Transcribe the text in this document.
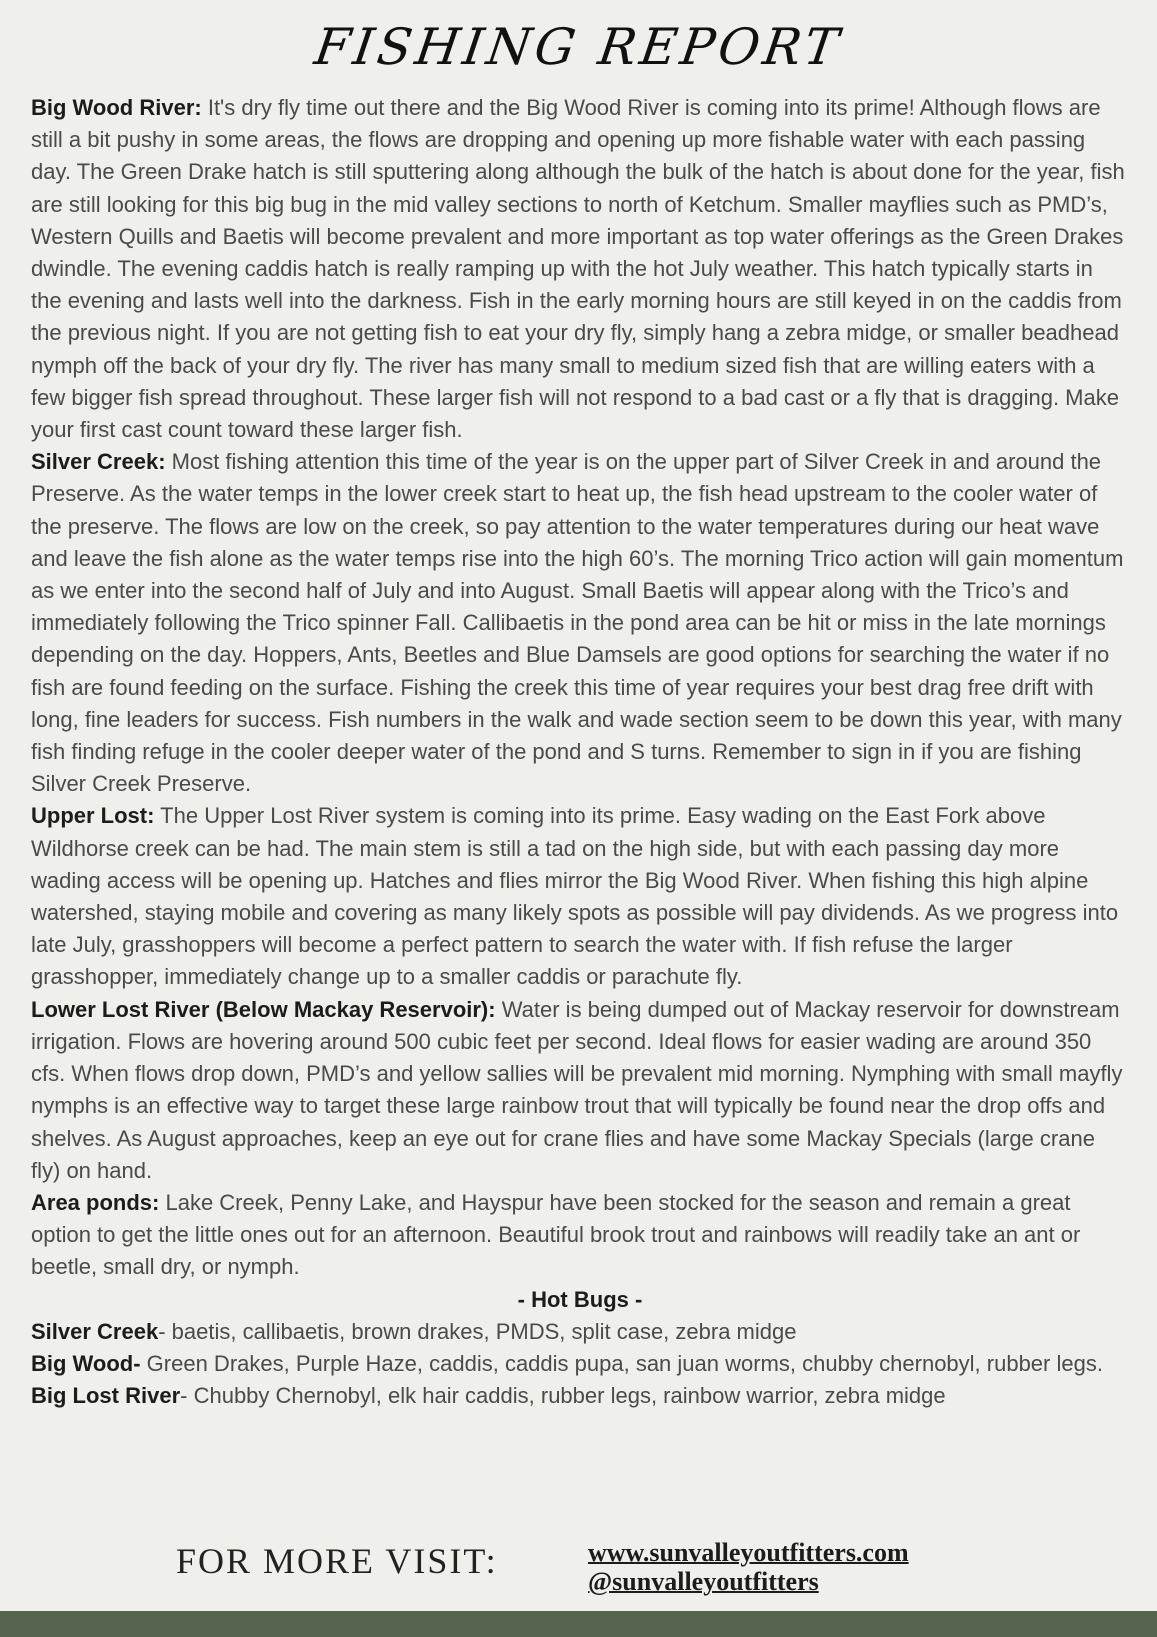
FISHING REPORT

Big Wood River: It's dry fly time out there and the Big Wood River is coming into its prime! Although flows are still a bit pushy in some areas, the flows are dropping and opening up more fishable water with each passing day. The Green Drake hatch is still sputtering along although the bulk of the hatch is about done for the year, fish are still looking for this big bug in the mid valley sections to north of Ketchum. Smaller mayflies such as PMD’s, Western Quills and Baetis will become prevalent and more important as top water offerings as the Green Drakes dwindle. The evening caddis hatch is really ramping up with the hot July weather. This hatch typically starts in the evening and lasts well into the darkness. Fish in the early morning hours are still keyed in on the caddis from the previous night. If you are not getting fish to eat your dry fly, simply hang a zebra midge, or smaller beadhead nymph off the back of your dry fly. The river has many small to medium sized fish that are willing eaters with a few bigger fish spread throughout. These larger fish will not respond to a bad cast or a fly that is dragging. Make your first cast count toward these larger fish.

Silver Creek: Most fishing attention this time of the year is on the upper part of Silver Creek in and around the Preserve. As the water temps in the lower creek start to heat up, the fish head upstream to the cooler water of the preserve. The flows are low on the creek, so pay attention to the water temperatures during our heat wave and leave the fish alone as the water temps rise into the high 60’s. The morning Trico action will gain momentum as we enter into the second half of July and into August. Small Baetis will appear along with the Trico’s and immediately following the Trico spinner Fall. Callibaetis in the pond area can be hit or miss in the late mornings depending on the day. Hoppers, Ants, Beetles and Blue Damsels are good options for searching the water if no fish are found feeding on the surface. Fishing the creek this time of year requires your best drag free drift with long, fine leaders for success. Fish numbers in the walk and wade section seem to be down this year, with many fish finding refuge in the cooler deeper water of the pond and S turns. Remember to sign in if you are fishing Silver Creek Preserve.

Upper Lost: The Upper Lost River system is coming into its prime. Easy wading on the East Fork above Wildhorse creek can be had. The main stem is still a tad on the high side, but with each passing day more wading access will be opening up. Hatches and flies mirror the Big Wood River. When fishing this high alpine watershed, staying mobile and covering as many likely spots as possible will pay dividends. As we progress into late July, grasshoppers will become a perfect pattern to search the water with. If fish refuse the larger grasshopper, immediately change up to a smaller caddis or parachute fly.

Lower Lost River (Below Mackay Reservoir): Water is being dumped out of Mackay reservoir for downstream irrigation. Flows are hovering around 500 cubic feet per second. Ideal flows for easier wading are around 350 cfs. When flows drop down, PMD’s and yellow sallies will be prevalent mid morning. Nymphing with small mayfly nymphs is an effective way to target these large rainbow trout that will typically be found near the drop offs and shelves. As August approaches, keep an eye out for crane flies and have some Mackay Specials (large crane fly) on hand.

Area ponds: Lake Creek, Penny Lake, and Hayspur have been stocked for the season and remain a great option to get the little ones out for an afternoon. Beautiful brook trout and rainbows will readily take an ant or beetle, small dry, or nymph.

- Hot Bugs -

Silver Creek- baetis, callibaetis, brown drakes, PMDS, split case, zebra midge

Big Wood- Green Drakes, Purple Haze, caddis, caddis pupa, san juan worms, chubby chernobyl, rubber legs. Big Lost River- Chubby Chernobyl, elk hair caddis, rubber legs, rainbow warrior, zebra midge

FOR MORE VISIT:	www.sunvalleyoutfitters.com
@sunvalleyoutfitters
